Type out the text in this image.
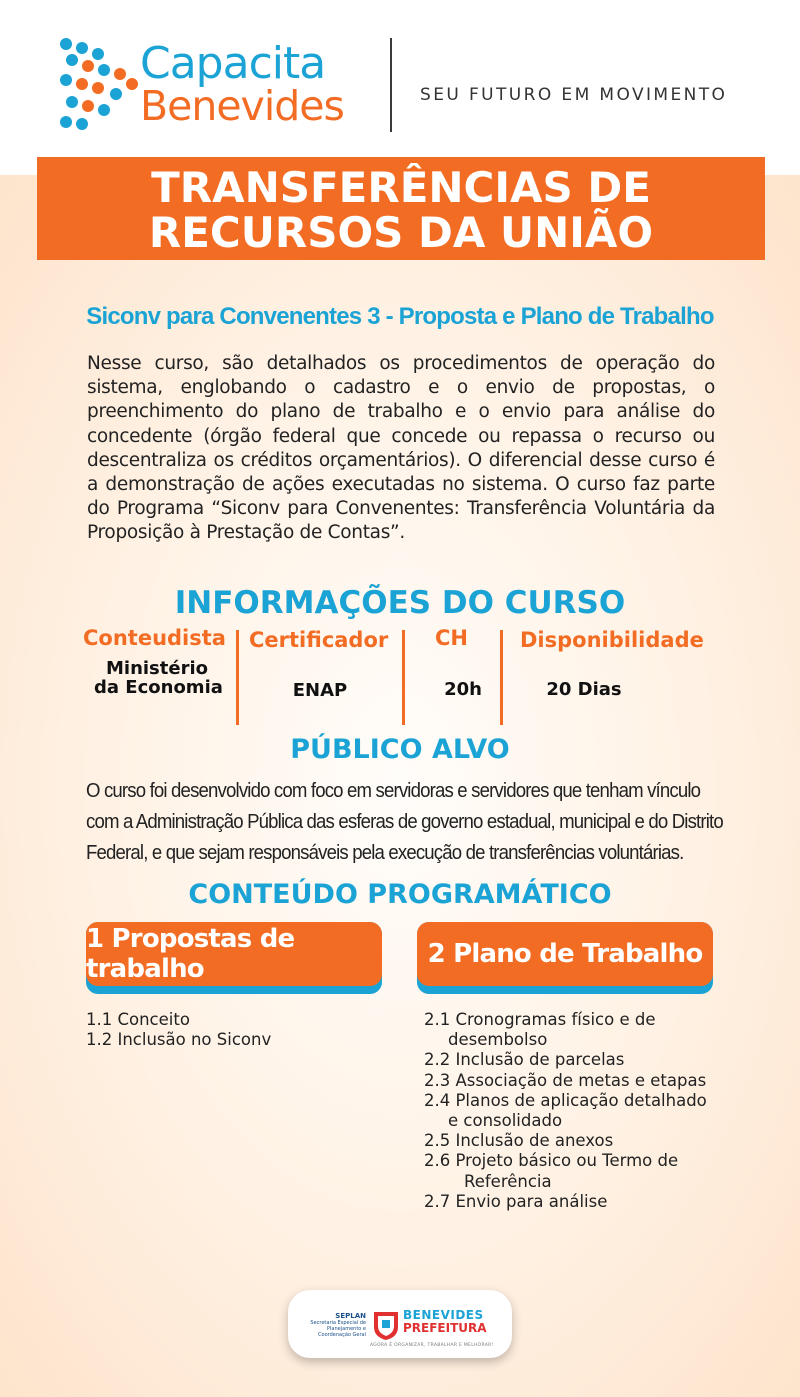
Capacita
Benevides	SEU FUTURO EM MOVIMENTO
TRANSFERÊNCIAS DE
RECURSOS DA UNIÃO
Siconv para Convenentes 3 - Proposta e Plano de Trabalho
Nesse curso, são detalhados os procedimentos de operação do sistema, englobando o cadastro e o envio de propostas, o preenchimento do plano de trabalho e o envio para análise do concedente (órgão federal que concede ou repassa o recurso ou descentraliza os créditos orçamentários). O diferencial desse curso é a demonstração de ações executadas no sistema. O curso faz parte do Programa “Siconv para Convenentes: Transferência Voluntária da Proposição à Prestação de Contas”.
INFORMAÇÕES DO CURSO
Conteudista
Ministério
da Economia
Certificador
ENAP
CH
20h
Disponibilidade
20 Dias
PÚBLICO ALVO
O curso foi desenvolvido com foco em servidoras e servidores que tenham vínculo com a Administração Pública das esferas de governo estadual, municipal e do Distrito Federal, e que sejam responsáveis pela execução de transferências voluntárias.
CONTEÚDO PROGRAMÁTICO
1 Propostas de trabalho	2 Plano de Trabalho
1.1 Conceito
1.2 Inclusão no Siconv
2.1 Cronogramas físico e de
desembolso
2.2 Inclusão de parcelas
2.3 Associação de metas e etapas
2.4 Planos de aplicação detalhado
e consolidado
2.5 Inclusão de anexos
2.6 Projeto básico ou Termo de
Referência
2.7 Envio para análise
SEPLAN
Secretaria Especial de Planejamento e Coordenação Geral
BENEVIDES
PREFEITURA
AGORA É ORGANIZAR, TRABALHAR E MELHORAR!
